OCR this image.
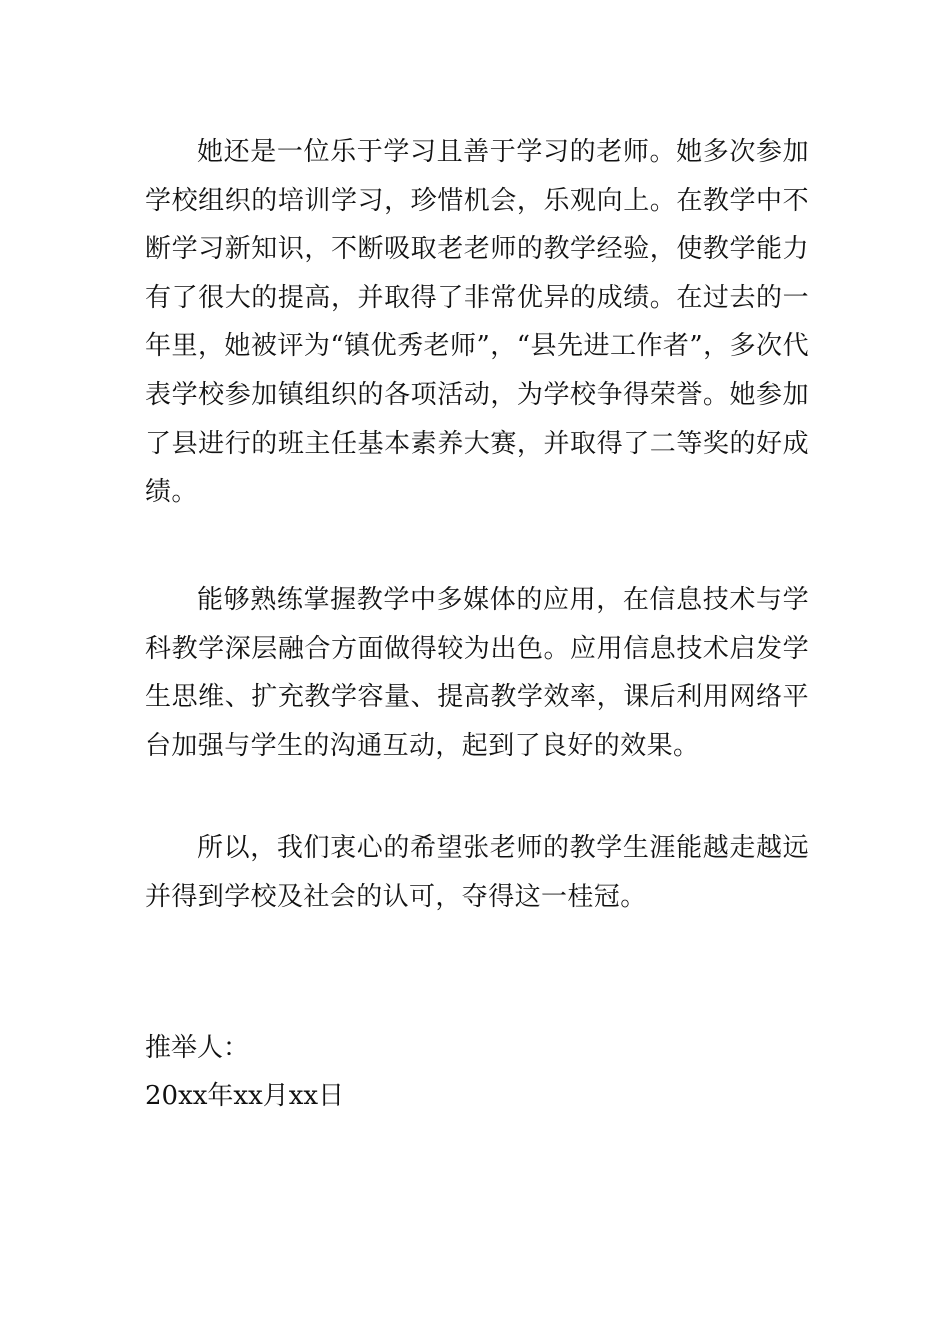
她还是一位乐于学习且善于学习的老师。她多次参加学校组织的培训学习，珍惜机会，乐观向上。在教学中不断学习新知识，不断吸取老老师的教学经验，使教学能力有了很大的提高，并取得了非常优异的成绩。在过去的一年里，她被评为“镇优秀老师”，“县先进工作者”，多次代表学校参加镇组织的各项活动，为学校争得荣誉。她参加了县进行的班主任基本素养大赛，并取得了二等奖的好成绩。

能够熟练掌握教学中多媒体的应用，在信息技术与学科教学深层融合方面做得较为出色。应用信息技术启发学生思维、扩充教学容量、提高教学效率，课后利用网络平台加强与学生的沟通互动，起到了良好的效果。

所以，我们衷心的希望张老师的教学生涯能越走越远并得到学校及社会的认可，夺得这一桂冠。

推举人：
20xx年xx月xx日
